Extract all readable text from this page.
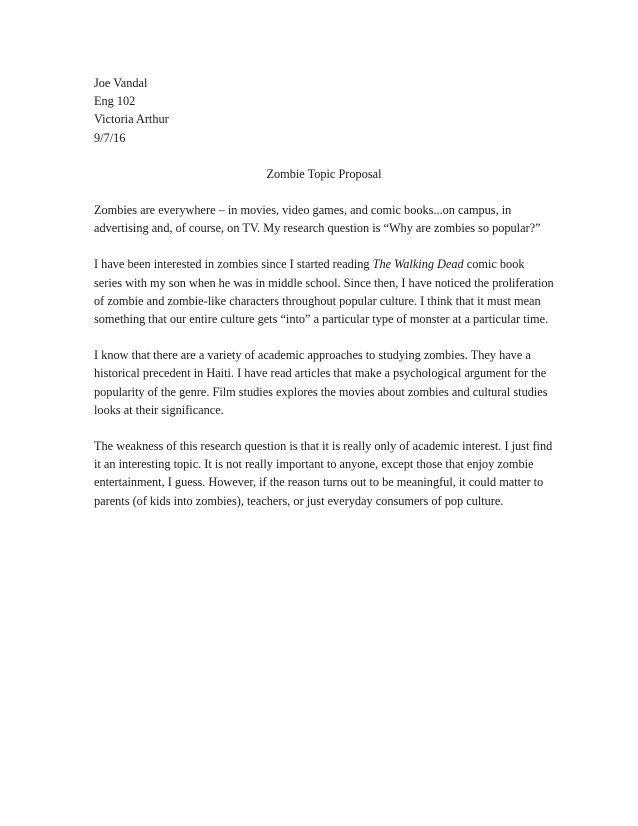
Joe Vandal
Eng 102
Victoria Arthur
9/7/16
Zombie Topic Proposal

Zombies are everywhere – in movies, video games, and comic books...on campus, in advertising and, of course, on TV. My research question is “Why are zombies so popular?”

I have been interested in zombies since I started reading The Walking Dead comic book series with my son when he was in middle school. Since then, I have noticed the proliferation of zombie and zombie-like characters throughout popular culture. I think that it must mean something that our entire culture gets “into” a particular type of monster at a particular time.

I know that there are a variety of academic approaches to studying zombies. They have a historical precedent in Haiti. I have read articles that make a psychological argument for the popularity of the genre. Film studies explores the movies about zombies and cultural studies looks at their significance.

The weakness of this research question is that it is really only of academic interest. I just find it an interesting topic. It is not really important to anyone, except those that enjoy zombie entertainment, I guess. However, if the reason turns out to be meaningful, it could matter to parents (of kids into zombies), teachers, or just everyday consumers of pop culture.
